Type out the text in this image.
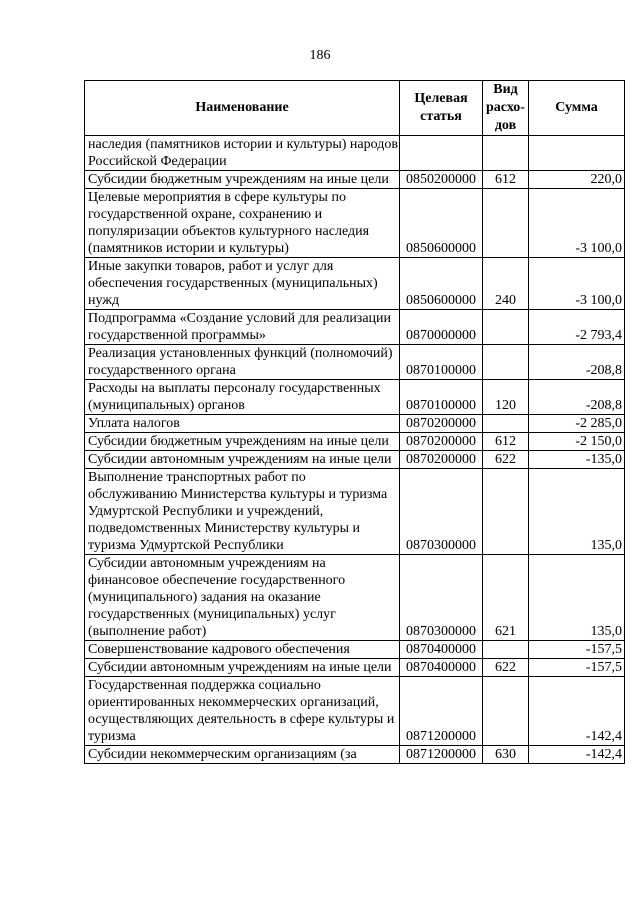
186
Наименование	Целевая статья	Вид расхо-дов	Сумма
наследия (памятников истории и культуры) народов Российской Федерации			
Субсидии бюджетным учреждениям на иные цели	0850200000	612	220,0
Целевые мероприятия в сфере культуры по государственной охране, сохранению и популяризации объектов культурного наследия (памятников истории и культуры)	0850600000		-3 100,0
Иные закупки товаров, работ и услуг для обеспечения государственных (муниципальных) нужд	0850600000	240	-3 100,0
Подпрограмма «Создание условий для реализации государственной программы»	0870000000		-2 793,4
Реализация установленных функций (полномочий) государственного органа	0870100000		-208,8
Расходы на выплаты персоналу государственных (муниципальных) органов	0870100000	120	-208,8
Уплата налогов	0870200000		-2 285,0
Субсидии бюджетным учреждениям на иные цели	0870200000	612	-2 150,0
Субсидии автономным учреждениям на иные цели	0870200000	622	-135,0
Выполнение транспортных работ по обслуживанию Министерства культуры и туризма Удмуртской Республики и учреждений, подведомственных Министерству культуры и туризма Удмуртской Республики	0870300000		135,0
Субсидии автономным учреждениям на финансовое обеспечение государственного (муниципального) задания на оказание государственных (муниципальных) услуг (выполнение работ)	0870300000	621	135,0
Совершенствование кадрового обеспечения	0870400000		-157,5
Субсидии автономным учреждениям на иные цели	0870400000	622	-157,5
Государственная поддержка социально ориентированных некоммерческих организаций, осуществляющих деятельность в сфере культуры и туризма	0871200000		-142,4
Субсидии некоммерческим организациям (за	0871200000	630	-142,4
